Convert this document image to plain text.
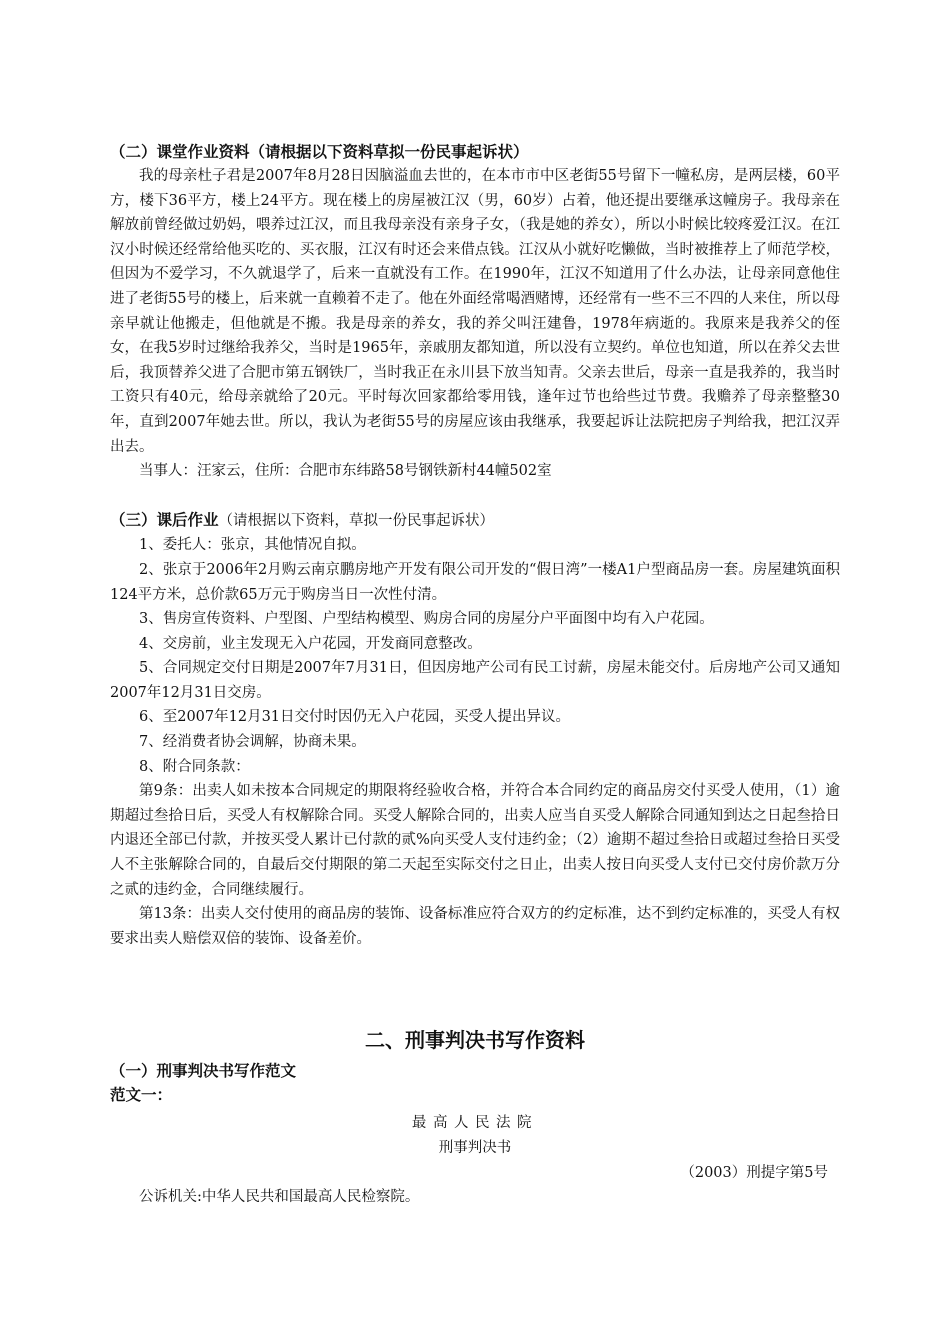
（二）课堂作业资料（请根据以下资料草拟一份民事起诉状）

我的母亲杜子君是2007年8月28日因脑溢血去世的，在本市市中区老街55号留下一幢私房，是两层楼，60平方，楼下36平方，楼上24平方。现在楼上的房屋被江汉（男，60岁）占着，他还提出要继承这幢房子。我母亲在解放前曾经做过奶妈，喂养过江汉，而且我母亲没有亲身子女，（我是她的养女），所以小时候比较疼爱江汉。在江汉小时候还经常给他买吃的、买衣服，江汉有时还会来借点钱。江汉从小就好吃懒做，当时被推荐上了师范学校，但因为不爱学习，不久就退学了，后来一直就没有工作。在1990年，江汉不知道用了什么办法，让母亲同意他住进了老街55号的楼上，后来就一直赖着不走了。他在外面经常喝酒赌博，还经常有一些不三不四的人来住，所以母亲早就让他搬走，但他就是不搬。我是母亲的养女，我的养父叫汪建鲁，1978年病逝的。我原来是我养父的侄女，在我5岁时过继给我养父，当时是1965年，亲戚朋友都知道，所以没有立契约。单位也知道，所以在养父去世后，我顶替养父进了合肥市第五钢铁厂，当时我正在永川县下放当知青。父亲去世后，母亲一直是我养的，我当时工资只有40元，给母亲就给了20元。平时每次回家都给零用钱，逢年过节也给些过节费。我赡养了母亲整整30年，直到2007年她去世。所以，我认为老街55号的房屋应该由我继承，我要起诉让法院把房子判给我，把江汉弄出去。

当事人：汪家云，住所：合肥市东纬路58号钢铁新村44幢502室

（三）课后作业（请根据以下资料，草拟一份民事起诉状）

1、委托人：张京，其他情况自拟。

2、张京于2006年2月购云南京鹏房地产开发有限公司开发的“假日湾”一楼A1户型商品房一套。房屋建筑面积124平方米，总价款65万元于购房当日一次性付清。

3、售房宣传资料、户型图、户型结构模型、购房合同的房屋分户平面图中均有入户花园。

4、交房前，业主发现无入户花园，开发商同意整改。

5、合同规定交付日期是2007年7月31日，但因房地产公司有民工讨薪，房屋未能交付。后房地产公司又通知2007年12月31日交房。

6、至2007年12月31日交付时因仍无入户花园，买受人提出异议。

7、经消费者协会调解，协商未果。

8、附合同条款：

第9条：出卖人如未按本合同规定的期限将经验收合格，并符合本合同约定的商品房交付买受人使用，（1）逾期超过叁拾日后，买受人有权解除合同。买受人解除合同的，出卖人应当自买受人解除合同通知到达之日起叁拾日内退还全部已付款，并按买受人累计已付款的贰%向买受人支付违约金；（2）逾期不超过叁拾日或超过叁拾日买受人不主张解除合同的，自最后交付期限的第二天起至实际交付之日止，出卖人按日向买受人支付已交付房价款万分之贰的违约金，合同继续履行。

第13条：出卖人交付使用的商品房的装饰、设备标准应符合双方的约定标准，达不到约定标准的，买受人有权要求出卖人赔偿双倍的装饰、设备差价。

二、刑事判决书写作资料

（一）刑事判决书写作范文

范文一：

最高人民法院

刑事判决书

（2003）刑提字第5号

公诉机关:中华人民共和国最高人民检察院。
